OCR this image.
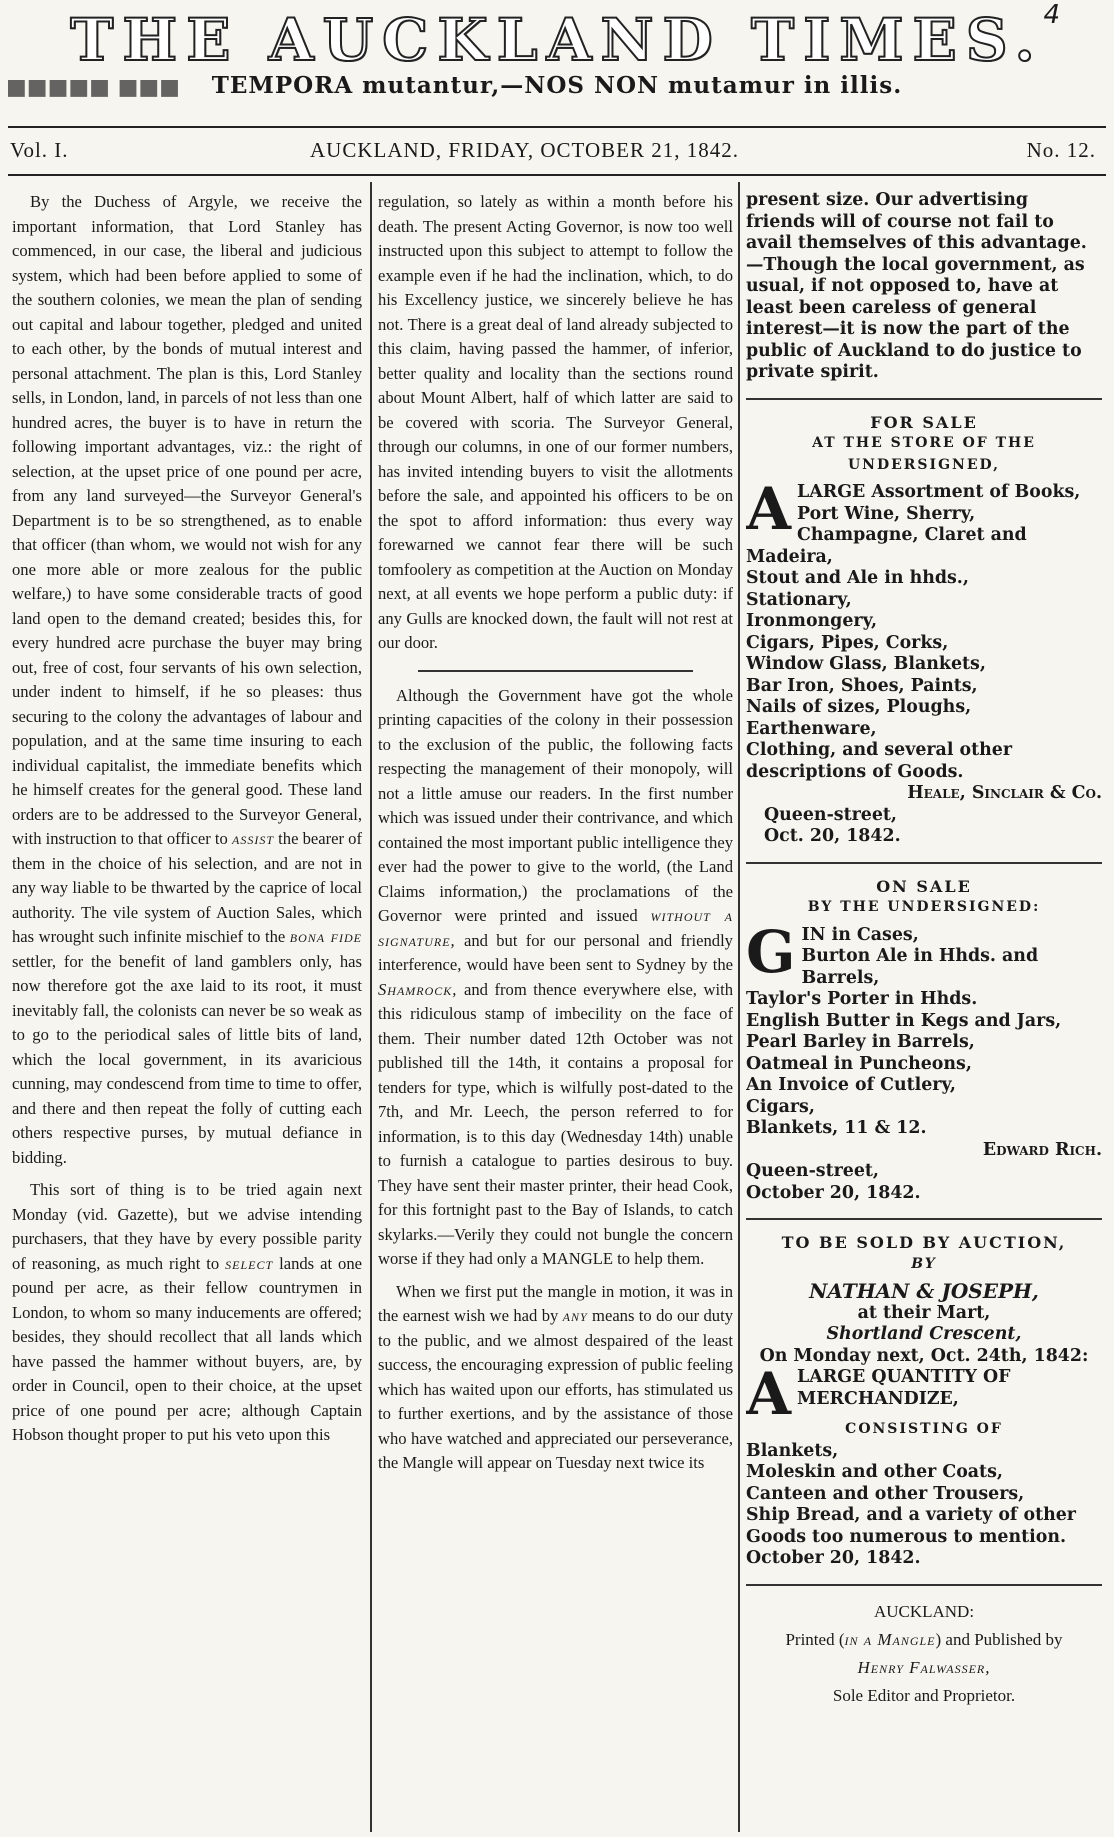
4
THE AUCKLAND TIMES.
■■■■■ ■■■ TEMPORA mutantur,—NOS NON mutamur in illis.
Vol. I.	AUCKLAND, FRIDAY, OCTOBER 21, 1842.	No. 12.

By the Duchess of Argyle, we receive the important information, that Lord Stanley has commenced, in our case, the liberal and judicious system, which had been before applied to some of the southern colonies, we mean the plan of sending out capital and labour together, pledged and united to each other, by the bonds of mutual interest and personal attachment. The plan is this, Lord Stanley sells, in London, land, in parcels of not less than one hundred acres, the buyer is to have in return the following important advantages, viz.: the right of selection, at the upset price of one pound per acre, from any land surveyed—the Surveyor General's Department is to be so strengthened, as to enable that officer (than whom, we would not wish for any one more able or more zealous for the public welfare,) to have some considerable tracts of good land open to the demand created; besides this, for every hundred acre purchase the buyer may bring out, free of cost, four servants of his own selection, under indent to himself, if he so pleases: thus securing to the colony the advantages of labour and population, and at the same time insuring to each individual capitalist, the immediate benefits which he himself creates for the general good. These land orders are to be addressed to the Surveyor General, with instruction to that officer to assist the bearer of them in the choice of his selection, and are not in any way liable to be thwarted by the caprice of local authority. The vile system of Auction Sales, which has wrought such infinite mischief to the bona fide settler, for the benefit of land gamblers only, has now therefore got the axe laid to its root, it must inevitably fall, the colonists can never be so weak as to go to the periodical sales of little bits of land, which the local government, in its avaricious cunning, may condescend from time to time to offer, and there and then repeat the folly of cutting each others respective purses, by mutual defiance in bidding.

This sort of thing is to be tried again next Monday (vid. Gazette), but we advise intending purchasers, that they have by every possible parity of reasoning, as much right to select lands at one pound per acre, as their fellow countrymen in London, to whom so many inducements are offered; besides, they should recollect that all lands which have passed the hammer without buyers, are, by order in Council, open to their choice, at the upset price of one pound per acre; although Captain Hobson thought proper to put his veto upon this

regulation, so lately as within a month before his death. The present Acting Governor, is now too well instructed upon this subject to attempt to follow the example even if he had the inclination, which, to do his Excellency justice, we sincerely believe he has not. There is a great deal of land already subjected to this claim, having passed the hammer, of inferior, better quality and locality than the sections round about Mount Albert, half of which latter are said to be covered with scoria. The Surveyor General, through our columns, in one of our former numbers, has invited intending buyers to visit the allotments before the sale, and appointed his officers to be on the spot to afford information: thus every way forewarned we cannot fear there will be such tomfoolery as competition at the Auction on Monday next, at all events we hope perform a public duty: if any Gulls are knocked down, the fault will not rest at our door.

Although the Government have got the whole printing capacities of the colony in their possession to the exclusion of the public, the following facts respecting the management of their monopoly, will not a little amuse our readers. In the first number which was issued under their contrivance, and which contained the most important public intelligence they ever had the power to give to the world, (the Land Claims information,) the proclamations of the Governor were printed and issued without a signature, and but for our personal and friendly interference, would have been sent to Sydney by the Shamrock, and from thence everywhere else, with this ridiculous stamp of imbecility on the face of them. Their number dated 12th October was not published till the 14th, it contains a proposal for tenders for type, which is wilfully post-dated to the 7th, and Mr. Leech, the person referred to for information, is to this day (Wednesday 14th) unable to furnish a catalogue to parties desirous to buy. They have sent their master printer, their head Cook, for this fortnight past to the Bay of Islands, to catch skylarks.—Verily they could not bungle the concern worse if they had only a MANGLE to help them.

When we first put the mangle in motion, it was in the earnest wish we had by any means to do our duty to the public, and we almost despaired of the least success, the encouraging expression of public feeling which has waited upon our efforts, has stimulated us to further exertions, and by the assistance of those who have watched and appreciated our perseverance, the Mangle will appear on Tuesday next twice its

present size. Our advertising friends will of course not fail to avail themselves of this advantage.—Though the local government, as usual, if not opposed to, have at least been careless of general interest—it is now the part of the public of Auckland to do justice to private spirit.
FOR SALE
AT THE STORE OF THE UNDERSIGNED,
ALARGE Assortment of Books,
Port Wine, Sherry, Champagne, Claret and Madeira,
Stout and Ale in hhds.,
Stationary,
Ironmongery,
Cigars, Pipes, Corks,
Window Glass, Blankets,
Bar Iron, Shoes, Paints,
Nails of sizes, Ploughs,
Earthenware,
Clothing, and several other descriptions of Goods.
Heale, Sinclair & Co.
Queen-street,
Oct. 20, 1842.
ON SALE
BY THE UNDERSIGNED:
GIN in Cases,
Burton Ale in Hhds. and Barrels,
Taylor's Porter in Hhds.
English Butter in Kegs and Jars,
Pearl Barley in Barrels,
Oatmeal in Puncheons,
An Invoice of Cutlery,
Cigars,
Blankets, 11 & 12.
Edward Rich.
Queen-street,
October 20, 1842.
TO BE SOLD BY AUCTION,
BY
NATHAN & JOSEPH,
at their Mart,
Shortland Crescent,
On Monday next, Oct. 24th, 1842:
ALARGE QUANTITY OF MERCHANDIZE,
CONSISTING OF
Blankets,
Moleskin and other Coats,
Canteen and other Trousers,
Ship Bread, and a variety of other Goods too numerous to mention.
October 20, 1842.
AUCKLAND:
Printed (in a Mangle) and Published by
Henry Falwasser,
Sole Editor and Proprietor.
